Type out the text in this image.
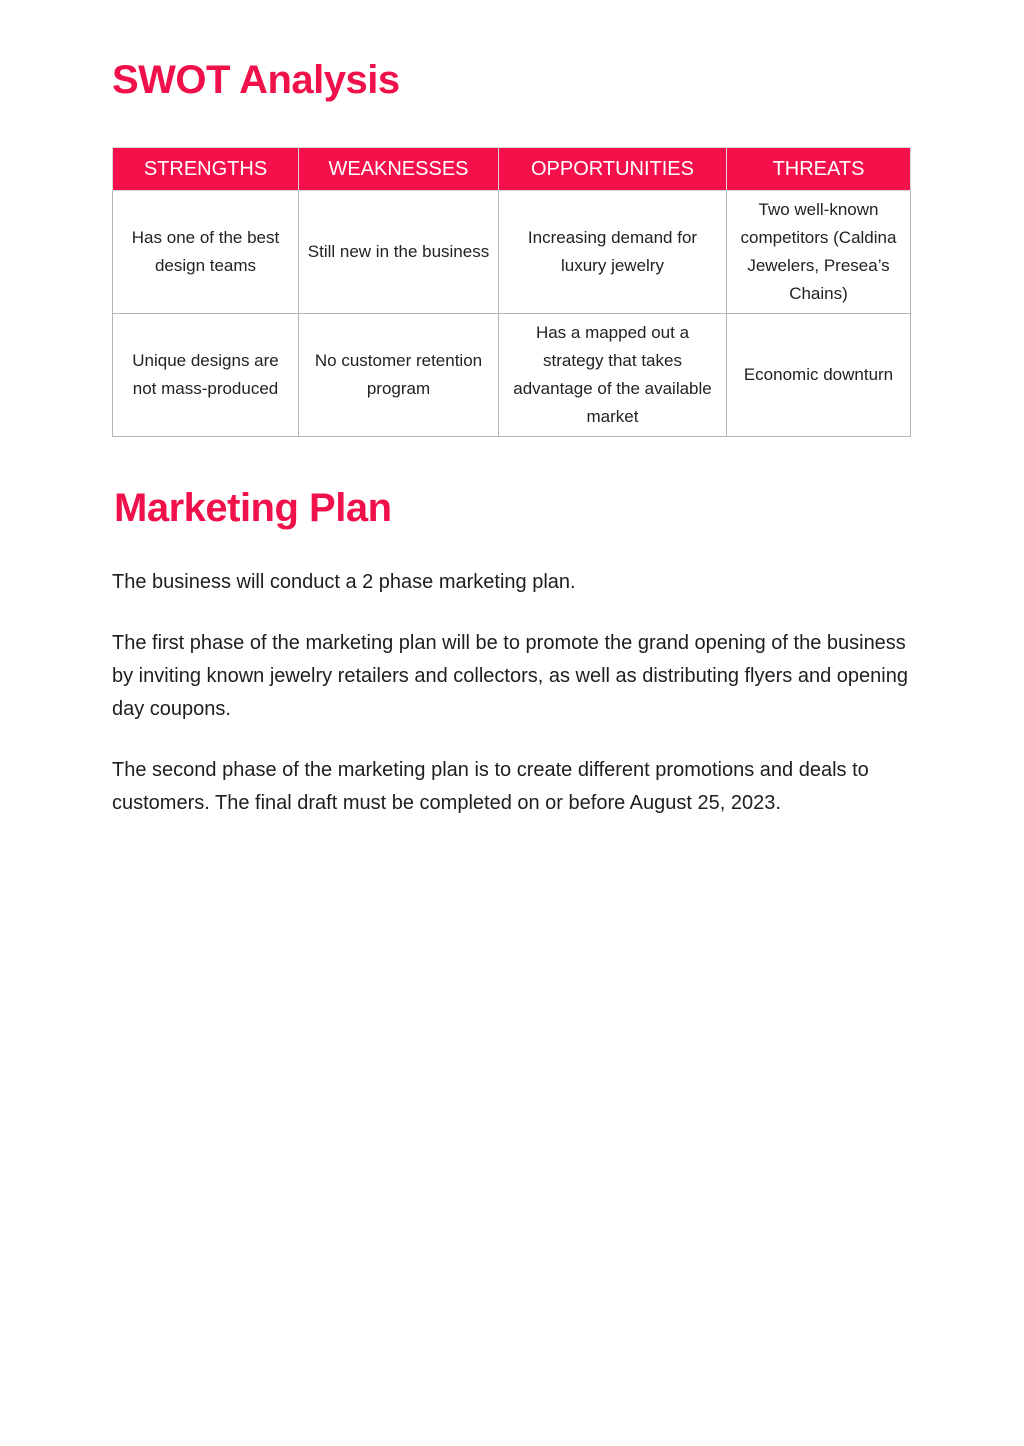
SWOT Analysis
STRENGTHS	WEAKNESSES	OPPORTUNITIES	THREATS
Has one of the best design teams	Still new in the business	Increasing demand for luxury jewelry	Two well-known competitors (Caldina Jewelers, Presea’s Chains)
Unique designs are not mass-produced	No customer retention program	Has a mapped out a strategy that takes advantage of the available market	Economic downturn
Marketing Plan

The business will conduct a 2 phase marketing plan.

The first phase of the marketing plan will be to promote the grand opening of the business by inviting known jewelry retailers and collectors, as well as distributing flyers and opening day coupons.

The second phase of the marketing plan is to create different promotions and deals to customers. The final draft must be completed on or before August 25, 2023.
